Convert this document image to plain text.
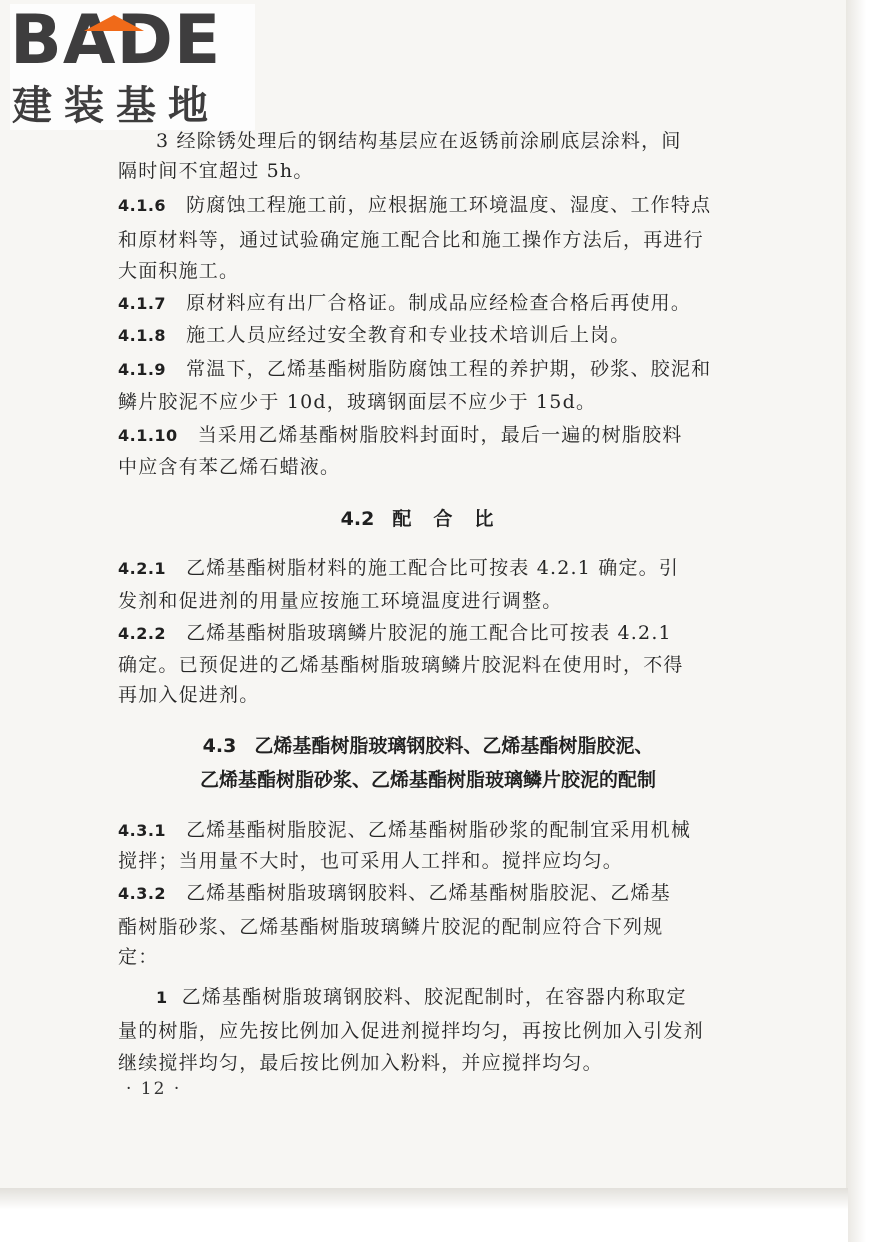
3 经除锈处理后的钢结构基层应在返锈前涂刷底层涂料，间

隔时间不宜超过 5h。

4.1.6 防腐蚀工程施工前，应根据施工环境温度、湿度、工作特点

和原材料等，通过试验确定施工配合比和施工操作方法后，再进行

大面积施工。

4.1.7 原材料应有出厂合格证。制成品应经检查合格后再使用。

4.1.8 施工人员应经过安全教育和专业技术培训后上岗。

4.1.9 常温下，乙烯基酯树脂防腐蚀工程的养护期，砂浆、胶泥和

鳞片胶泥不应少于 10d，玻璃钢面层不应少于 15d。

4.1.10 当采用乙烯基酯树脂胶料封面时，最后一遍的树脂胶料

中应含有苯乙烯石蜡液。

4.2 配合比

4.2.1 乙烯基酯树脂材料的施工配合比可按表 4.2.1 确定。引

发剂和促进剂的用量应按施工环境温度进行调整。

4.2.2 乙烯基酯树脂玻璃鳞片胶泥的施工配合比可按表 4.2.1

确定。已预促进的乙烯基酯树脂玻璃鳞片胶泥料在使用时，不得

再加入促进剂。

4.3 乙烯基酯树脂玻璃钢胶料、乙烯基酯树脂胶泥、

乙烯基酯树脂砂浆、乙烯基酯树脂玻璃鳞片胶泥的配制

4.3.1 乙烯基酯树脂胶泥、乙烯基酯树脂砂浆的配制宜采用机械

搅拌；当用量不大时，也可采用人工拌和。搅拌应均匀。

4.3.2 乙烯基酯树脂玻璃钢胶料、乙烯基酯树脂胶泥、乙烯基

酯树脂砂浆、乙烯基酯树脂玻璃鳞片胶泥的配制应符合下列规

定：

1 乙烯基酯树脂玻璃钢胶料、胶泥配制时，在容器内称取定

量的树脂，应先按比例加入促进剂搅拌均匀，再按比例加入引发剂

继续搅拌均匀，最后按比例加入粉料，并应搅拌均匀。

· 12 ·
BADE
建装基地
